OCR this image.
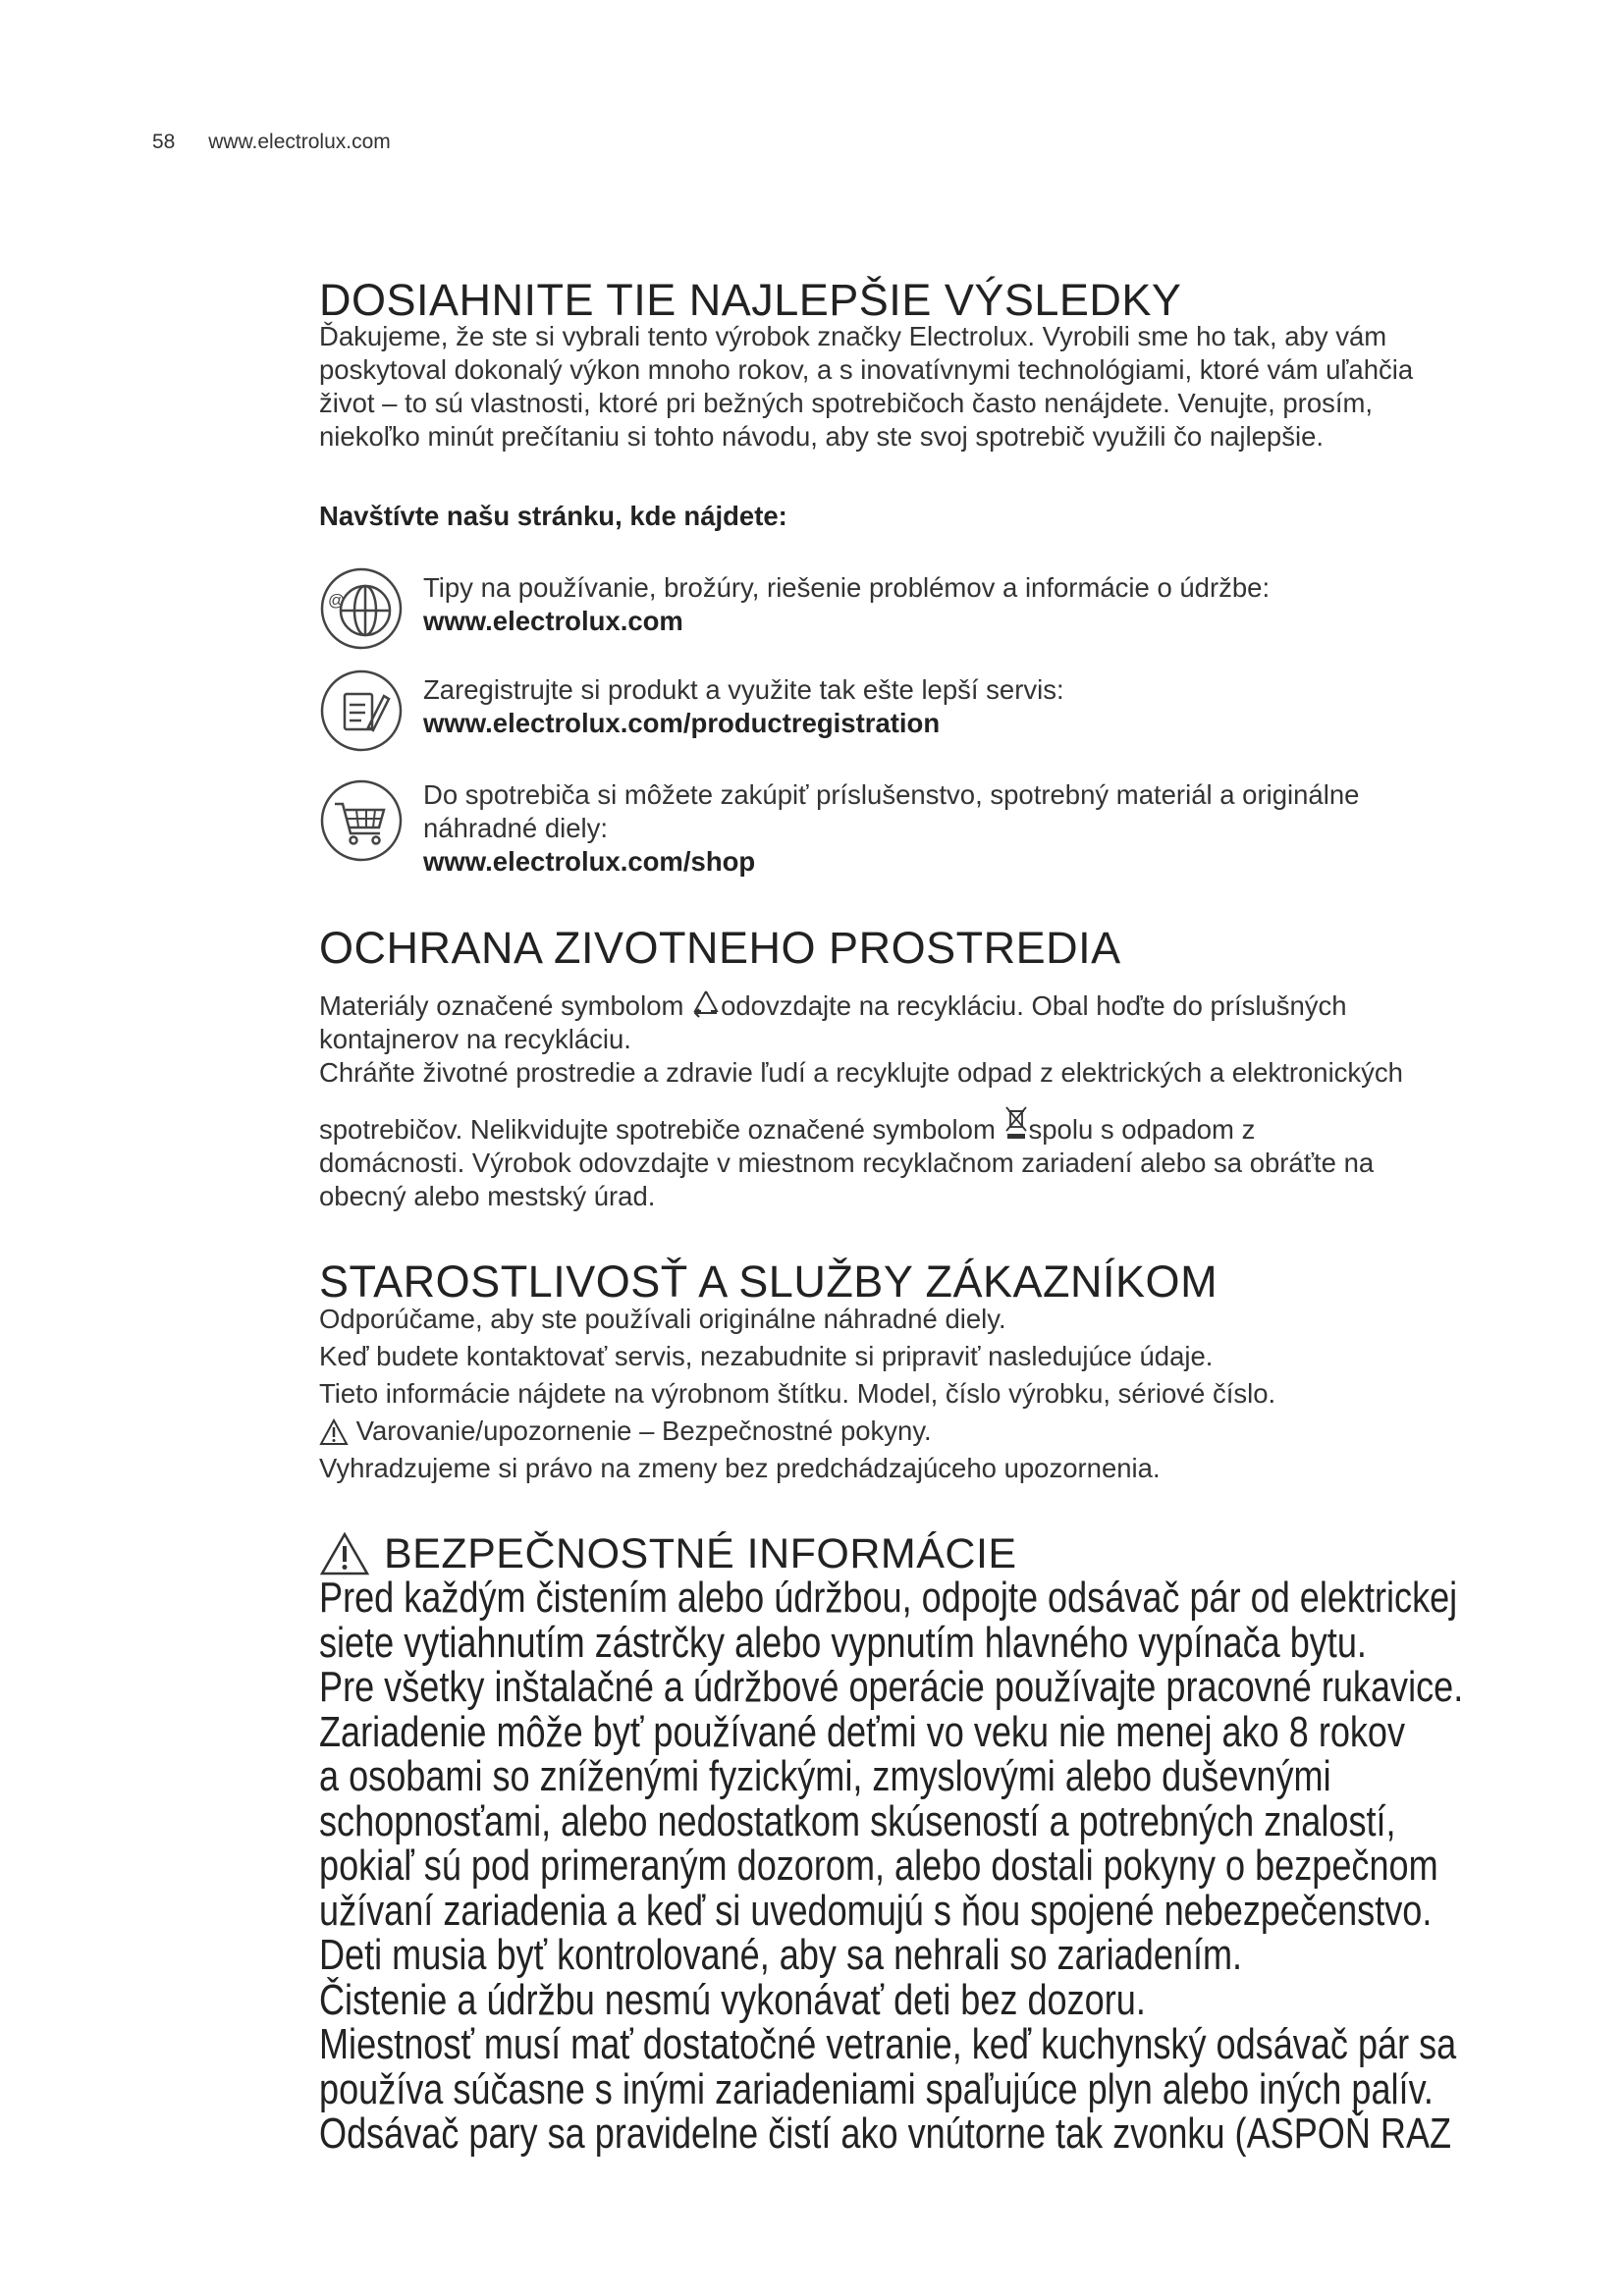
58 www.electrolux.com
DOSIAHNITE TIE NAJLEPŠIE VÝSLEDKY

Ďakujeme, že ste si vybrali tento výrobok značky Electrolux. Vyrobili sme ho tak, aby vám

poskytoval dokonalý výkon mnoho rokov, a s inovatívnymi technológiami, ktoré vám uľahčia

život – to sú vlastnosti, ktoré pri bežných spotrebičoch často nenájdete. Venujte, prosím,

niekoľko minút prečítaniu si tohto návodu, aby ste svoj spotrebič využili čo najlepšie.

Navštívte našu stránku, kde nájdete:
@	Tipy na používanie, brožúry, riešenie problémov a informácie o údržbe:
www.electrolux.com
Zaregistrujte si produkt a využite tak ešte lepší servis:
www.electrolux.com/productregistration
Do spotrebiča si môžete zakúpiť príslušenstvo, spotrebný materiál a originálne
náhradné diely:
www.electrolux.com/shop
OCHRANA ZIVOTNEHO PROSTREDIA

Materiály označené symbolom odovzdajte na recykláciu. Obal hoďte do príslušných

kontajnerov na recykláciu.

Chráňte životné prostredie a zdravie ľudí a recyklujte odpad z elektrických a elektronických

spotrebičov. Nelikvidujte spotrebiče označené symbolom spolu s odpadom z

domácnosti. Výrobok odovzdajte v miestnom recyklačnom zariadení alebo sa obráťte na

obecný alebo mestský úrad.

STAROSTLIVOSŤ A SLUŽBY ZÁKAZNÍKOM

Odporúčame, aby ste používali originálne náhradné diely.

Keď budete kontaktovať servis, nezabudnite si pripraviť nasledujúce údaje.

Tieto informácie nájdete na výrobnom štítku. Model, číslo výrobku, sériové číslo.

Varovanie/upozornenie – Bezpečnostné pokyny.

Vyhradzujeme si právo na zmeny bez predchádzajúceho upozornenia.

BEZPEČNOSTNÉ INFORMÁCIE

Pred každým čistením alebo údržbou, odpojte odsávač pár od elektrickej

siete vytiahnutím zástrčky alebo vypnutím hlavného vypínača bytu.

Pre všetky inštalačné a údržbové operácie používajte pracovné rukavice.

Zariadenie môže byť používané deťmi vo veku nie menej ako 8 rokov

a osobami so zníženými fyzickými, zmyslovými alebo duševnými

schopnosťami, alebo nedostatkom skúseností a potrebných znalostí,

pokiaľ sú pod primeraným dozorom, alebo dostali pokyny o bezpečnom

užívaní zariadenia a keď si uvedomujú s ňou spojené nebezpečenstvo.

Deti musia byť kontrolované, aby sa nehrali so zariadením.

Čistenie a údržbu nesmú vykonávať deti bez dozoru.

Miestnosť musí mať dostatočné vetranie, keď kuchynský odsávač pár sa

používa súčasne s inými zariadeniami spaľujúce plyn alebo iných palív.

Odsávač pary sa pravidelne čistí ako vnútorne tak zvonku (ASPOŇ RAZ
